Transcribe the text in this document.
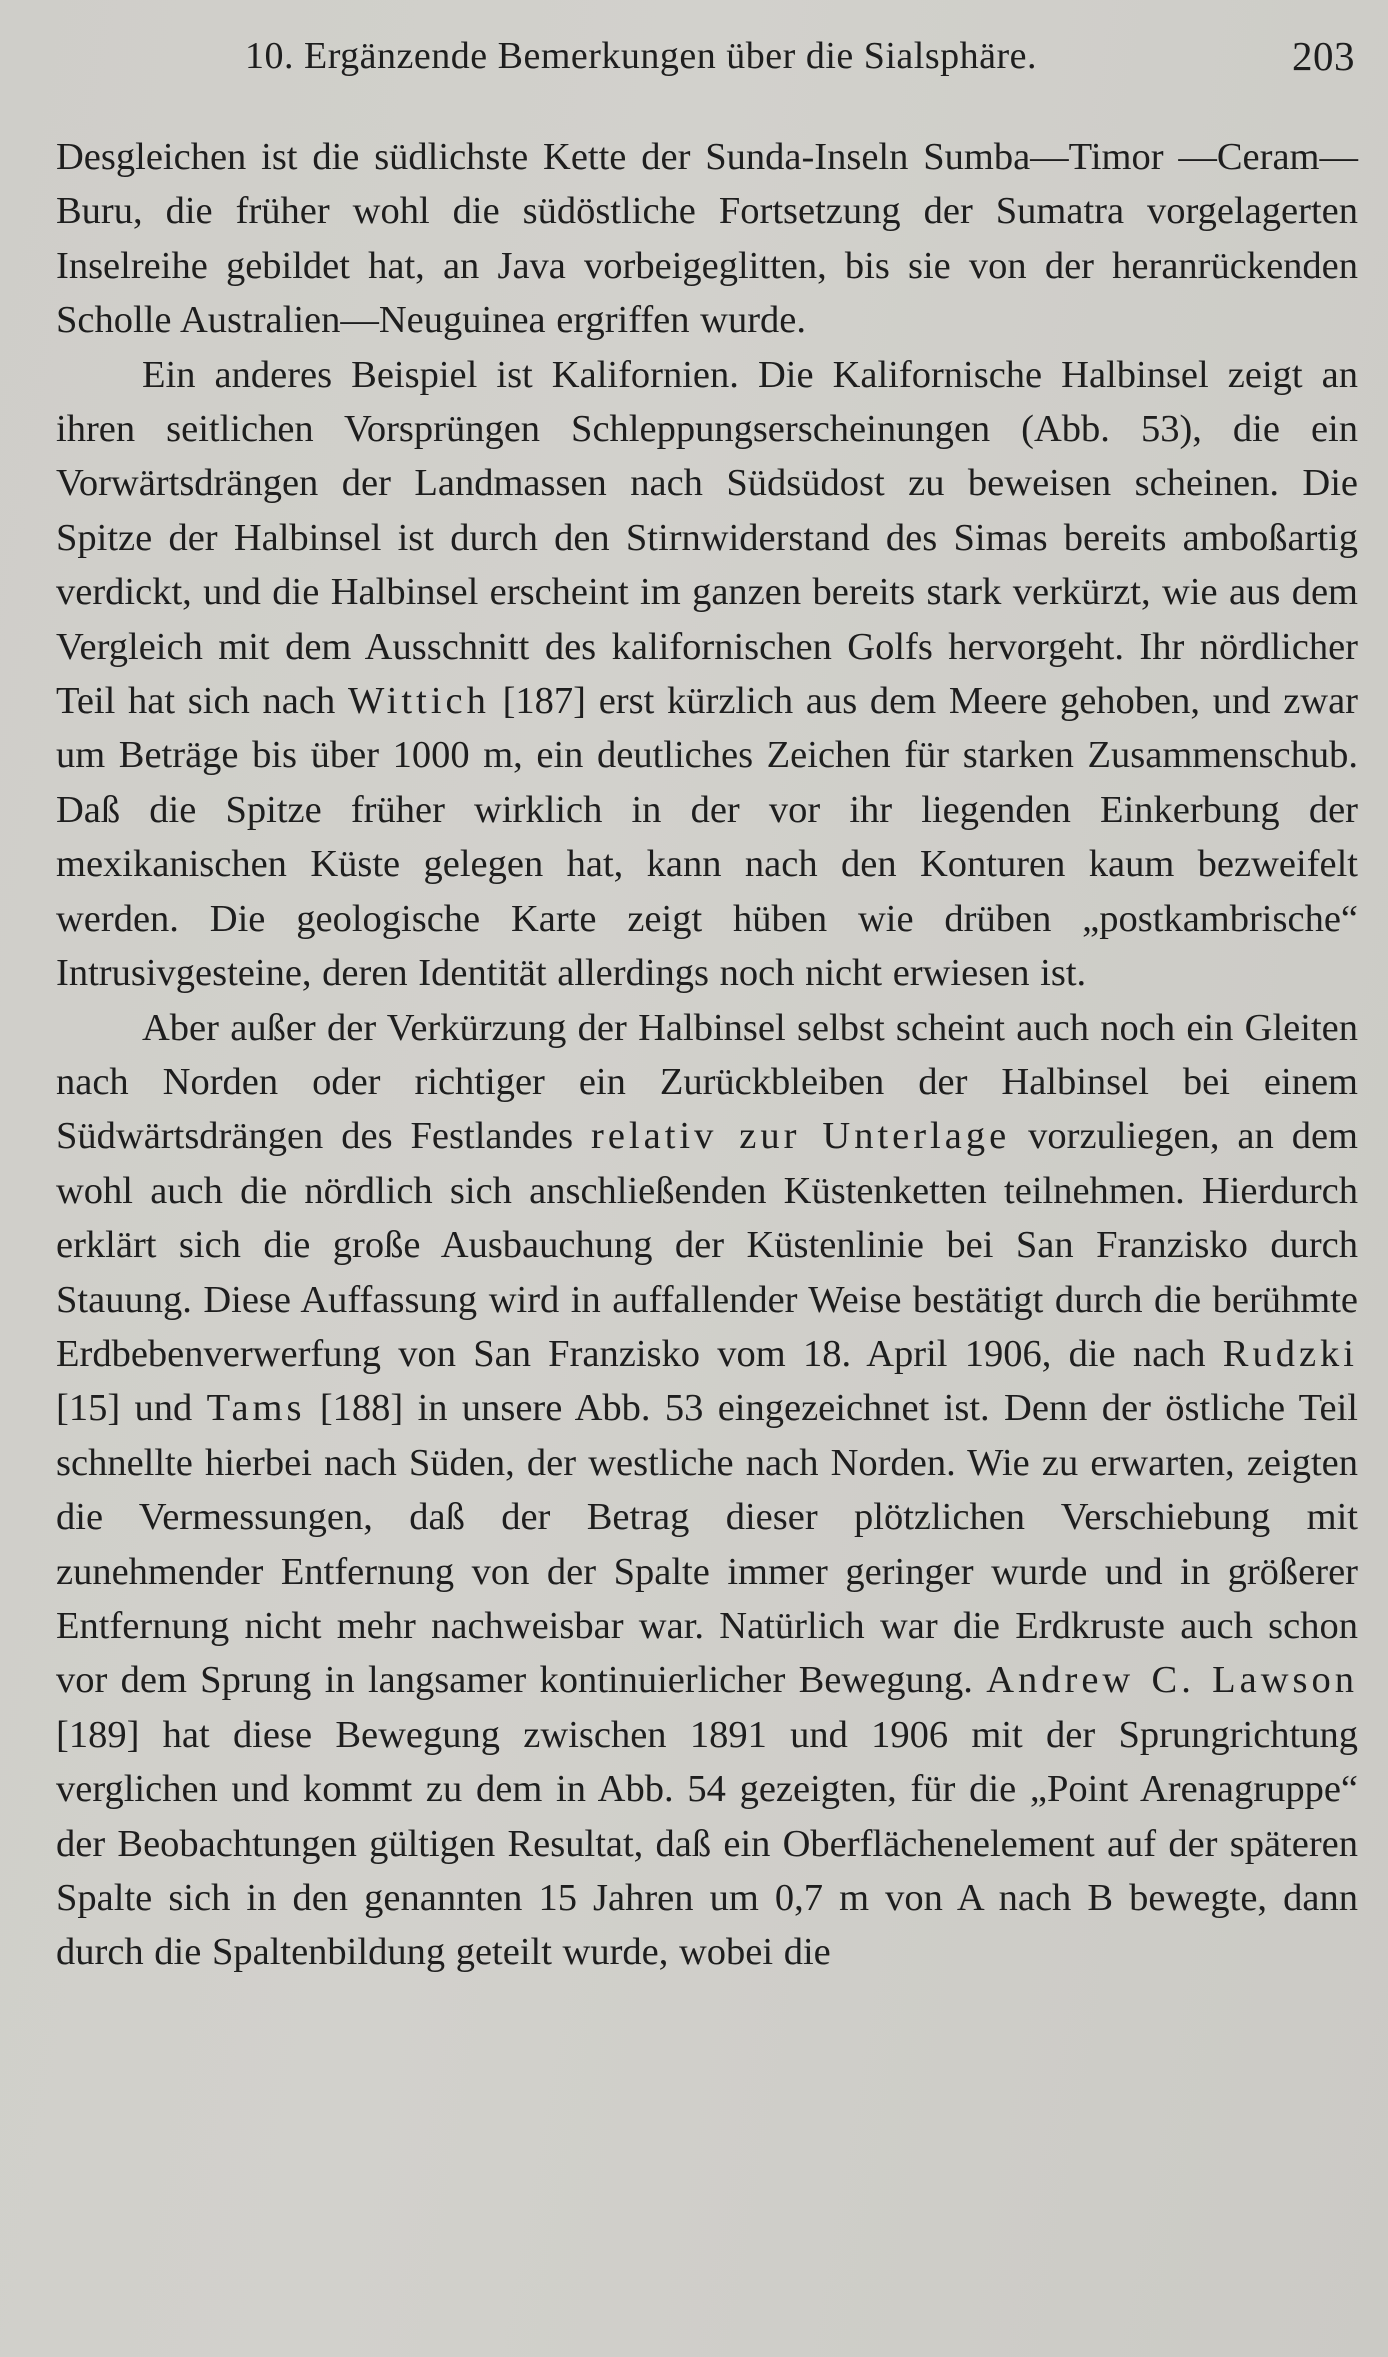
10. Ergänzende Bemerkungen über die Sialsphäre.	203

Desgleichen ist die südlichste Kette der Sunda-Inseln Sumba—Timor —Ceram—Buru, die früher wohl die südöstliche Fortsetzung der Sumatra vorgelagerten Inselreihe gebildet hat, an Java vorbeigeglitten, bis sie von der heranrückenden Scholle Australien—Neuguinea ergriffen wurde.

Ein anderes Beispiel ist Kalifornien. Die Kalifornische Halbinsel zeigt an ihren seitlichen Vorsprüngen Schleppungserscheinungen (Abb. 53), die ein Vorwärtsdrängen der Landmassen nach Südsüdost zu beweisen scheinen. Die Spitze der Halbinsel ist durch den Stirnwiderstand des Simas bereits amboßartig verdickt, und die Halbinsel erscheint im ganzen bereits stark verkürzt, wie aus dem Vergleich mit dem Ausschnitt des kalifornischen Golfs hervorgeht. Ihr nördlicher Teil hat sich nach Wittich [187] erst kürzlich aus dem Meere gehoben, und zwar um Beträge bis über 1000 m, ein deutliches Zeichen für starken Zusammenschub. Daß die Spitze früher wirklich in der vor ihr liegenden Einkerbung der mexikanischen Küste gelegen hat, kann nach den Konturen kaum bezweifelt werden. Die geologische Karte zeigt hüben wie drüben „postkambrische“ Intrusivgesteine, deren Identität allerdings noch nicht erwiesen ist.

Aber außer der Verkürzung der Halbinsel selbst scheint auch noch ein Gleiten nach Norden oder richtiger ein Zurückbleiben der Halbinsel bei einem Südwärtsdrängen des Festlandes relativ zur Unterlage vorzuliegen, an dem wohl auch die nördlich sich anschließenden Küstenketten teilnehmen. Hierdurch erklärt sich die große Ausbauchung der Küstenlinie bei San Franzisko durch Stauung. Diese Auffassung wird in auffallender Weise bestätigt durch die berühmte Erdbebenverwerfung von San Franzisko vom 18. April 1906, die nach Rudzki [15] und Tams [188] in unsere Abb. 53 eingezeichnet ist. Denn der östliche Teil schnellte hierbei nach Süden, der westliche nach Norden. Wie zu erwarten, zeigten die Vermessungen, daß der Betrag dieser plötzlichen Verschiebung mit zunehmender Entfernung von der Spalte immer geringer wurde und in größerer Entfernung nicht mehr nachweisbar war. Natürlich war die Erdkruste auch schon vor dem Sprung in langsamer kontinuierlicher Bewegung. Andrew C. Lawson [189] hat diese Bewegung zwischen 1891 und 1906 mit der Sprungrichtung verglichen und kommt zu dem in Abb. 54 gezeigten, für die „Point Arenagruppe“ der Beobachtungen gültigen Resultat, daß ein Oberflächenelement auf der späteren Spalte sich in den genannten 15 Jahren um 0,7 m von A nach B bewegte, dann durch die Spaltenbildung geteilt wurde, wobei die
